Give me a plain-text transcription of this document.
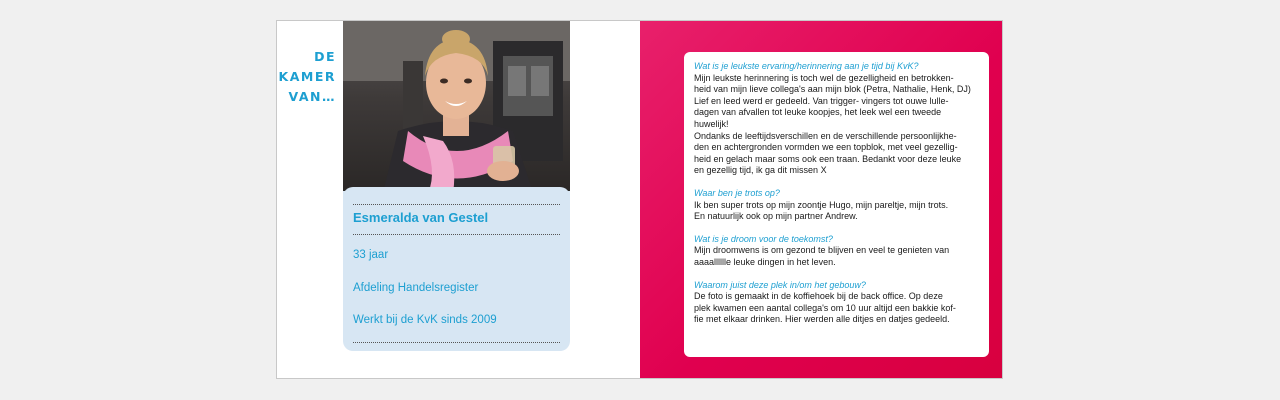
DE
KAMER
VAN…
Esmeralda van Gestel
33 jaar
Afdeling Handelsregister
Werkt bij de KvK sinds 2009
Wat is je leukste ervaring/herinnering aan je tijd bij KvK?
Mijn leukste herinnering is toch wel de gezelligheid en betrokken-
heid van mijn lieve collega's aan mijn blok (Petra, Nathalie, Henk, DJ)
Lief en leed werd er gedeeld. Van trigger- vingers tot ouwe lulle-
dagen van afvallen tot leuke koopjes, het leek wel een tweede
huwelijk!
Ondanks de leeftijdsverschillen en de verschillende persoonlijkhe-
den en achtergronden vormden we een topblok, met veel gezellig-
heid en gelach maar soms ook een traan. Bedankt voor deze leuke
en gezellig tijd, ik ga dit missen X
Waar ben je trots op?
Ik ben super trots op mijn zoontje Hugo, mijn pareltje, mijn trots.
En natuurlijk ook op mijn partner Andrew.
Wat is je droom voor de toekomst?
Mijn droomwens is om gezond te blijven en veel te genieten van
aaaalllllle leuke dingen in het leven.
Waarom juist deze plek in/om het gebouw?
De foto is gemaakt in de koffiehoek bij de back office. Op deze
plek kwamen een aantal collega's om 10 uur altijd een bakkie kof-
fie met elkaar drinken. Hier werden alle ditjes en datjes gedeeld.
